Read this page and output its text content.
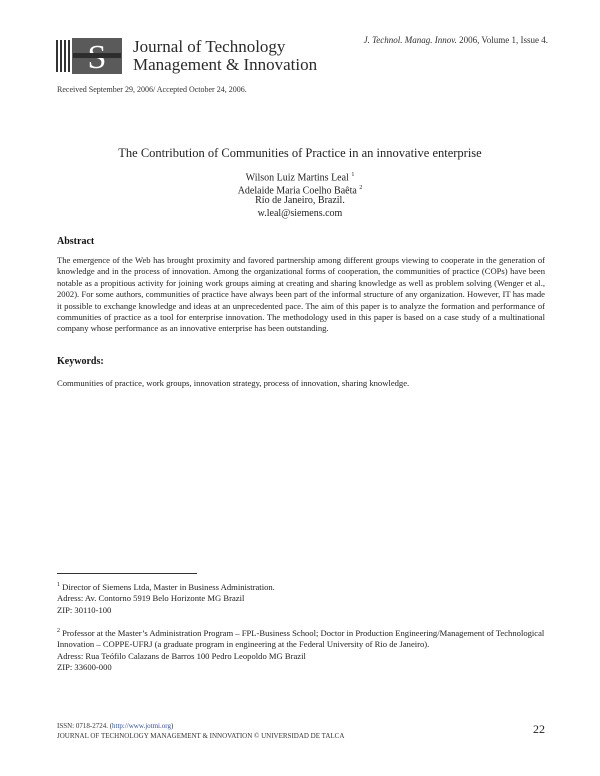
Journal of Technology
Management & Innovation
J. Technol. Manag. Innov. 2006, Volume 1, Issue 4.
Received September 29, 2006/ Accepted October 24, 2006.
The Contribution of Communities of Practice in an innovative enterprise
Wilson Luiz Martins Leal $^1$
Adelaide Maria Coelho Baêta $^2$
Río de Janeiro, Brazil.
w.leal@siemens.com
Abstract
The emergence of the Web has brought proximity and favored partnership among different groups viewing to cooperate in the generation of knowledge and in the process of innovation. Among the organizational forms of cooperation, the communities of practice (COPs) have been notable as a propitious activity for joining work groups aiming at creating and sharing knowledge as well as problem solving (Wenger et al., 2002). For some authors, communities of practice have always been part of the informal structure of any organization. However, IT has made it possible to exchange knowledge and ideas at an unprecedented pace. The aim of this paper is to analyze the formation and performance of communities of practice as a tool for enterprise innovation. The methodology used in this paper is based on a case study of a multinational company whose performance as an innovative enterprise has been outstanding.
Keywords:
Communities of practice, work groups, innovation strategy, process of innovation, sharing knowledge.
$^1$ Director of Siemens Ltda, Master in Business Administration.
Adress: Av. Contorno 5919 Belo Horizonte MG Brazil
ZIP: 30110-100
$^2$ Professor at the Master’s Administration Program – FPL-Business School; Doctor in Production Engineering/Management of Technological Innovation – COPPE-UFRJ (a graduate program in engineering at the Federal University of Rio de Janeiro).
Adress: Rua Teófilo Calazans de Barros 100 Pedro Leopoldo MG Brazil
ZIP: 33600-000
ISSN: 0718-2724. (http://www.jotmi.org)
JOURNAL OF TECHNOLOGY MANAGEMENT & INNOVATION © UNIVERSIDAD DE TALCA	22
